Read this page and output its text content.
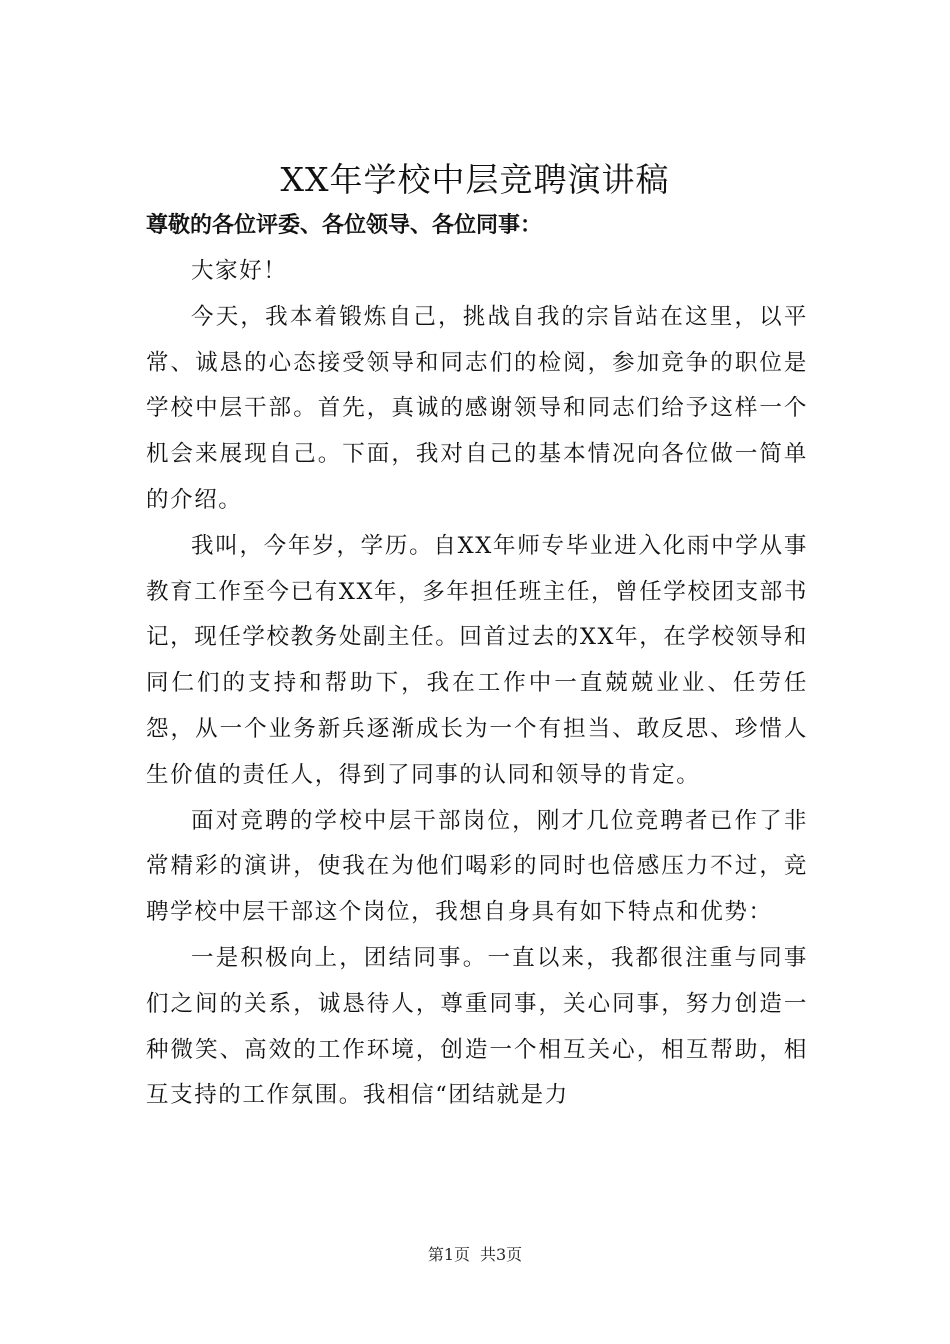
XX年学校中层竞聘演讲稿
尊敬的各位评委、各位领导、各位同事：

大家好！

今天，我本着锻炼自己，挑战自我的宗旨站在这里，以平常、诚恳的心态接受领导和同志们的检阅，参加竞争的职位是学校中层干部。首先，真诚的感谢领导和同志们给予这样一个机会来展现自己。下面，我对自己的基本情况向各位做一简单的介绍。

我叫，今年岁，学历。自XX年师专毕业进入化雨中学从事教育工作至今已有XX年，多年担任班主任，曾任学校团支部书记，现任学校教务处副主任。回首过去的XX年，在学校领导和同仁们的支持和帮助下，我在工作中一直兢兢业业、任劳任怨，从一个业务新兵逐渐成长为一个有担当、敢反思、珍惜人生价值的责任人，得到了同事的认同和领导的肯定。

面对竞聘的学校中层干部岗位，刚才几位竞聘者已作了非常精彩的演讲，使我在为他们喝彩的同时也倍感压力不过，竞聘学校中层干部这个岗位，我想自身具有如下特点和优势：

一是积极向上，团结同事。一直以来，我都很注重与同事们之间的关系，诚恳待人，尊重同事，关心同事，努力创造一种微笑、高效的工作环境，创造一个相互关心，相互帮助，相互支持的工作氛围。我相信“团结就是力

第1页 共3页
